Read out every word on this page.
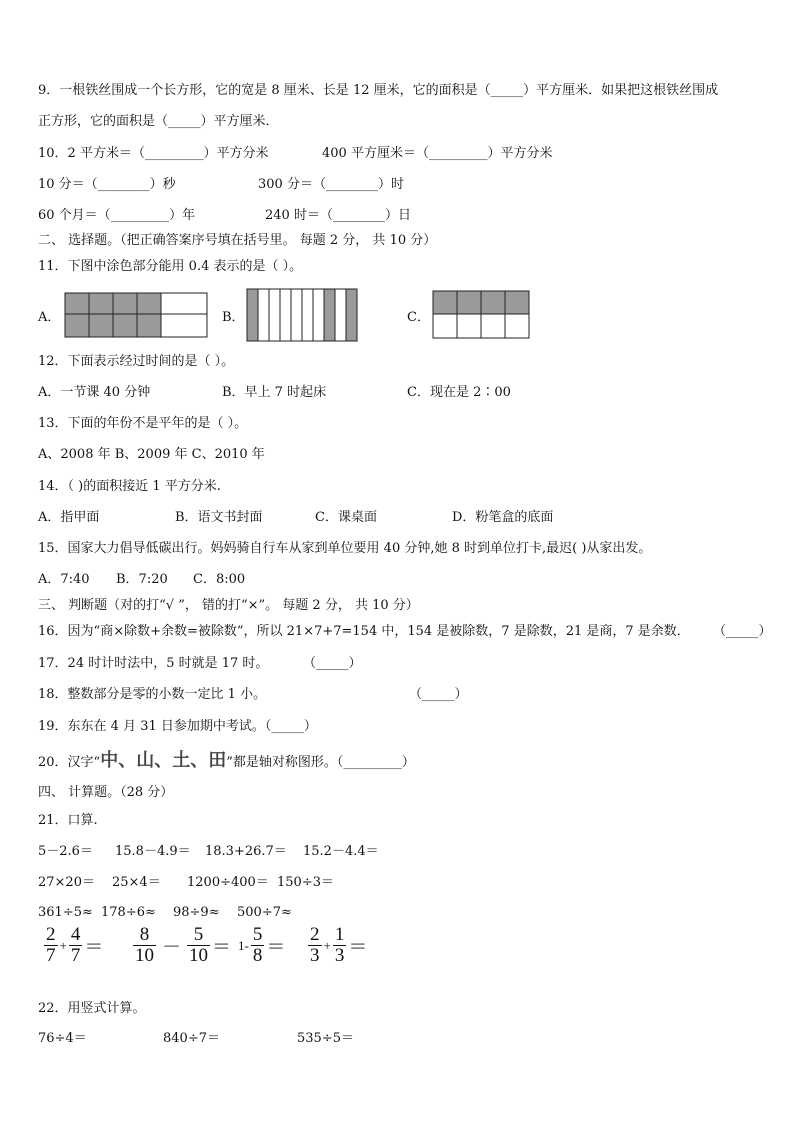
9．一根铁丝围成一个长方形，它的宽是 8 厘米、长是 12 厘米，它的面积是（_____）平方厘米．如果把这根铁丝围成
正方形，它的面积是（_____）平方厘米．
10．2 平方米＝（_________）平方分米	400 平方厘米＝（_________）平方分米
10 分＝（________）秒	300 分＝（________）时
60 个月＝（_________）年	240 时＝（________）日
二、 选择题。（把正确答案序号填在括号里。 每题 2 分， 共 10 分）
11．下图中涂色部分能用 0.4 表示的是（ ）。
A．	B．	C．
12．下面表示经过时间的是（ ）。
A．一节课 40 分钟	B．早上 7 时起床	C．现在是 2∶00
13．下面的年份不是平年的是（ ）。
A、2008 年 B、2009 年 C、2010 年
14．（ )的面积接近 1 平方分米.
A．指甲面	B．语文书封面	C．课桌面	D．粉笔盒的底面
15．国家大力倡导低碳出行。妈妈骑自行车从家到单位要用 40 分钟,她 8 时到单位打卡,最迟( )从家出发。
A．7:40 B．7:20 C．8:00
三、 判断题（对的打“√ ”， 错的打“×”。 每题 2 分， 共 10 分）
16．因为“商×除数+余数=被除数”，所以 21×7+7=154 中，154 是被除数，7 是除数，21 是商，7 是余数． （_____）
17．24 时计时法中，5 时就是 17 时。	（_____）
18．整数部分是零的小数一定比 1 小。	（_____）
19．东东在 4 月 31 日参加期中考试。（_____）
20．汉字“中、山、土、田”都是轴对称图形。（_________）
四、 计算题。（28 分）
21．口算.
5－2.6＝ 15.8－4.9＝ 18.3+26.7＝ 15.2－4.4＝
27×20＝ 25×4＝ 1200÷400＝ 150÷3＝
361÷5≈ 178÷6≈ 98÷9≈ 500÷7≈
$\frac{2}{7} + \frac{4}{7} = \frac{8}{10} - \frac{5}{10} = 1- \frac{5}{8} = \frac{2}{3} + \frac{1}{3}$ ＝
22．用竖式计算。
76÷4＝	840÷7＝	535÷5＝
